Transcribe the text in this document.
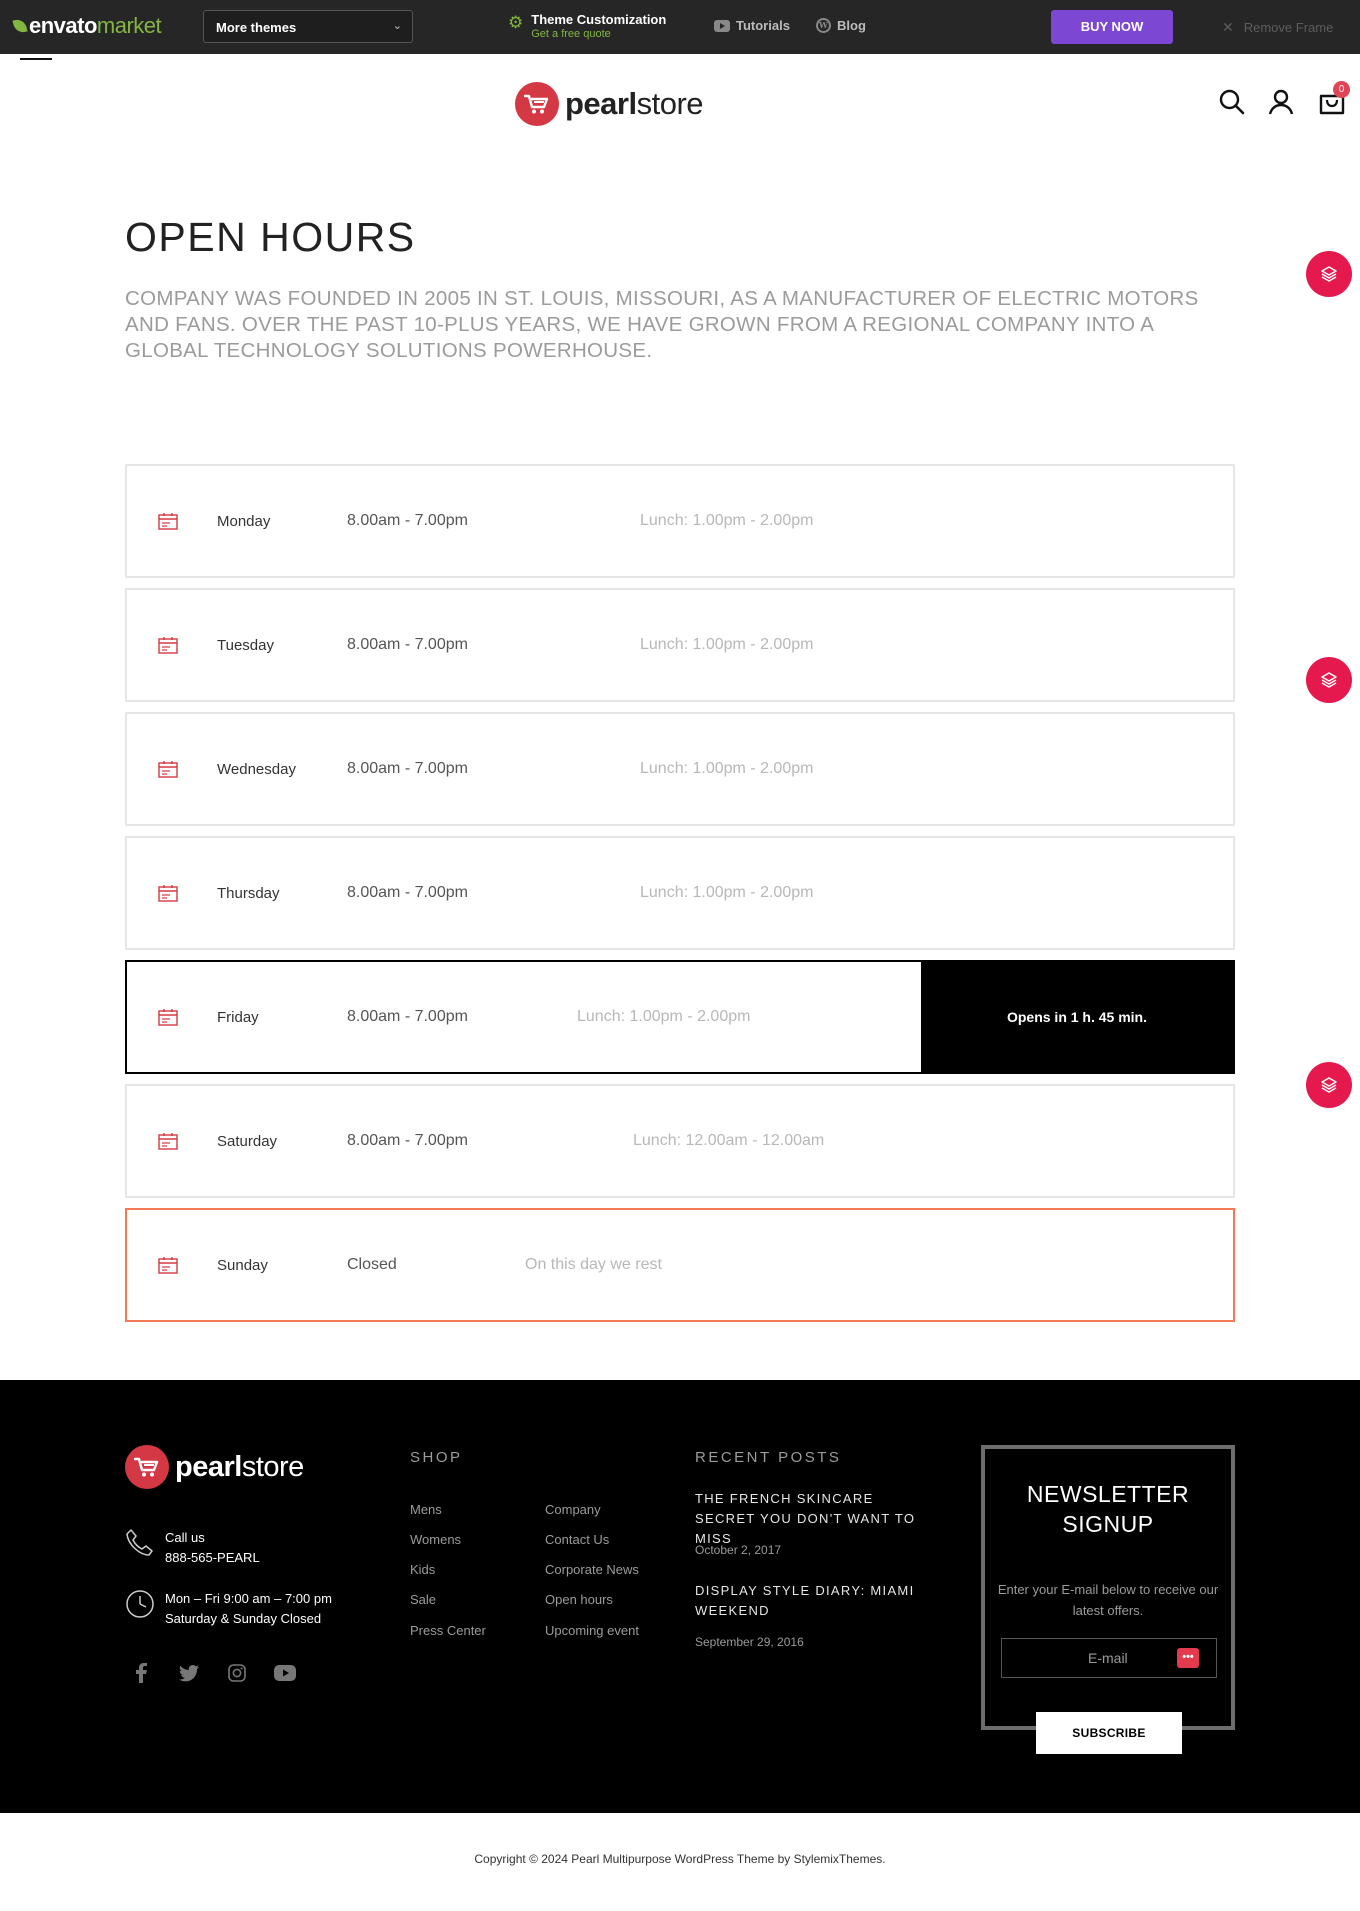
envato market	More themes	⌄	⚙ Theme Customization
Get a free quote
Tutorials	W Blog	BUY NOW	✕ Remove Frame
pearlstore	0
OPEN HOURS

COMPANY WAS FOUNDED IN 2005 IN ST. LOUIS, MISSOURI, AS A MANUFACTURER OF ELECTRIC MOTORS AND FANS. OVER THE PAST 10-PLUS YEARS, WE HAVE GROWN FROM A REGIONAL COMPANY INTO A GLOBAL TECHNOLOGY SOLUTIONS POWERHOUSE.

Monday	8.00am - 7.00pm	Lunch: 1.00pm - 2.00pm
Tuesday	8.00am - 7.00pm	Lunch: 1.00pm - 2.00pm
Wednesday	8.00am - 7.00pm	Lunch: 1.00pm - 2.00pm
Thursday	8.00am - 7.00pm	Lunch: 1.00pm - 2.00pm
Friday	8.00am - 7.00pm	Lunch: 1.00pm - 2.00pm	Opens in 1 h. 45 min.
Saturday	8.00am - 7.00pm	Lunch: 12.00am - 12.00am
Sunday	Closed	On this day we rest
pearlstore
Call us
888-565-PEARL
Mon – Fri 9:00 am – 7:00 pm
Saturday & Sunday Closed
SHOP
Mens
Womens
Kids
Sale
Press Center
Company
Contact Us
Corporate News
Open hours
Upcoming event
RECENT POSTS
THE FRENCH SKINCARE SECRET YOU DON'T WANT TO MISS
October 2, 2017
DISPLAY STYLE DIARY: MIAMI WEEKEND
September 29, 2016
NEWSLETTER SIGNUP
Enter your E-mail below to receive our latest offers.
E-mail	•••
SUBSCRIBE
Copyright © 2024 Pearl Multipurpose WordPress Theme by StylemixThemes.
